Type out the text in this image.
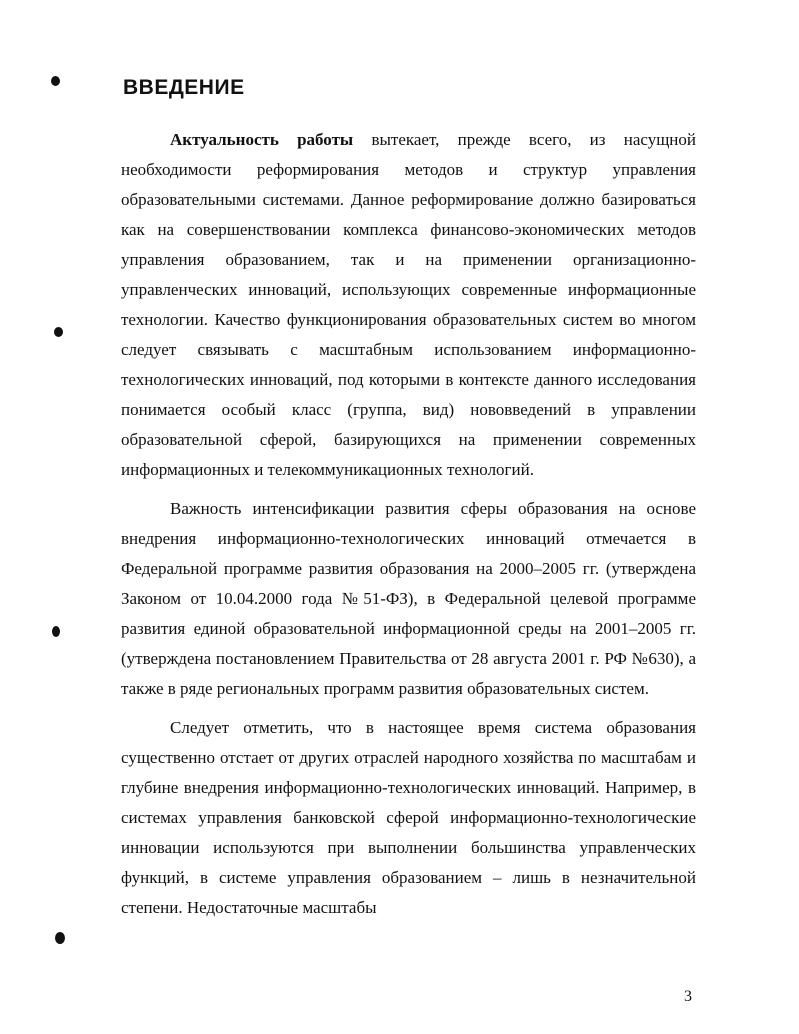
ВВЕДЕНИЕ

Актуальность работы вытекает, прежде всего, из насущной необходимости реформирования методов и структур управления образовательными системами. Данное реформирование должно базироваться как на совершенствовании комплекса финансово-экономических методов управления образованием, так и на применении организационно-управленческих инноваций, использующих современные информационные технологии. Качество функционирования образовательных систем во многом следует связывать с масштабным использованием информационно-технологических инноваций, под которыми в контексте данного исследования понимается особый класс (группа, вид) нововведений в управлении образовательной сферой, базирующихся на применении современных информационных и телекоммуникационных технологий.

Важность интенсификации развития сферы образования на основе внедрения информационно-технологических инноваций отмечается в Федеральной программе развития образования на 2000–2005 гг. (утверждена Законом от 10.04.2000 года №51-ФЗ), в Федеральной целевой программе развития единой образовательной информационной среды на 2001–2005 гг. (утверждена постановлением Правительства от 28 августа 2001 г. РФ №630), а также в ряде региональных программ развития образовательных систем.

Следует отметить, что в настоящее время система образования существенно отстает от других отраслей народного хозяйства по масштабам и глубине внедрения информационно-технологических инноваций. Например, в системах управления банковской сферой информационно-технологические инновации используются при выполнении большинства управленческих функций, в системе управления образованием – лишь в незначительной степени. Недостаточные масштабы

3
